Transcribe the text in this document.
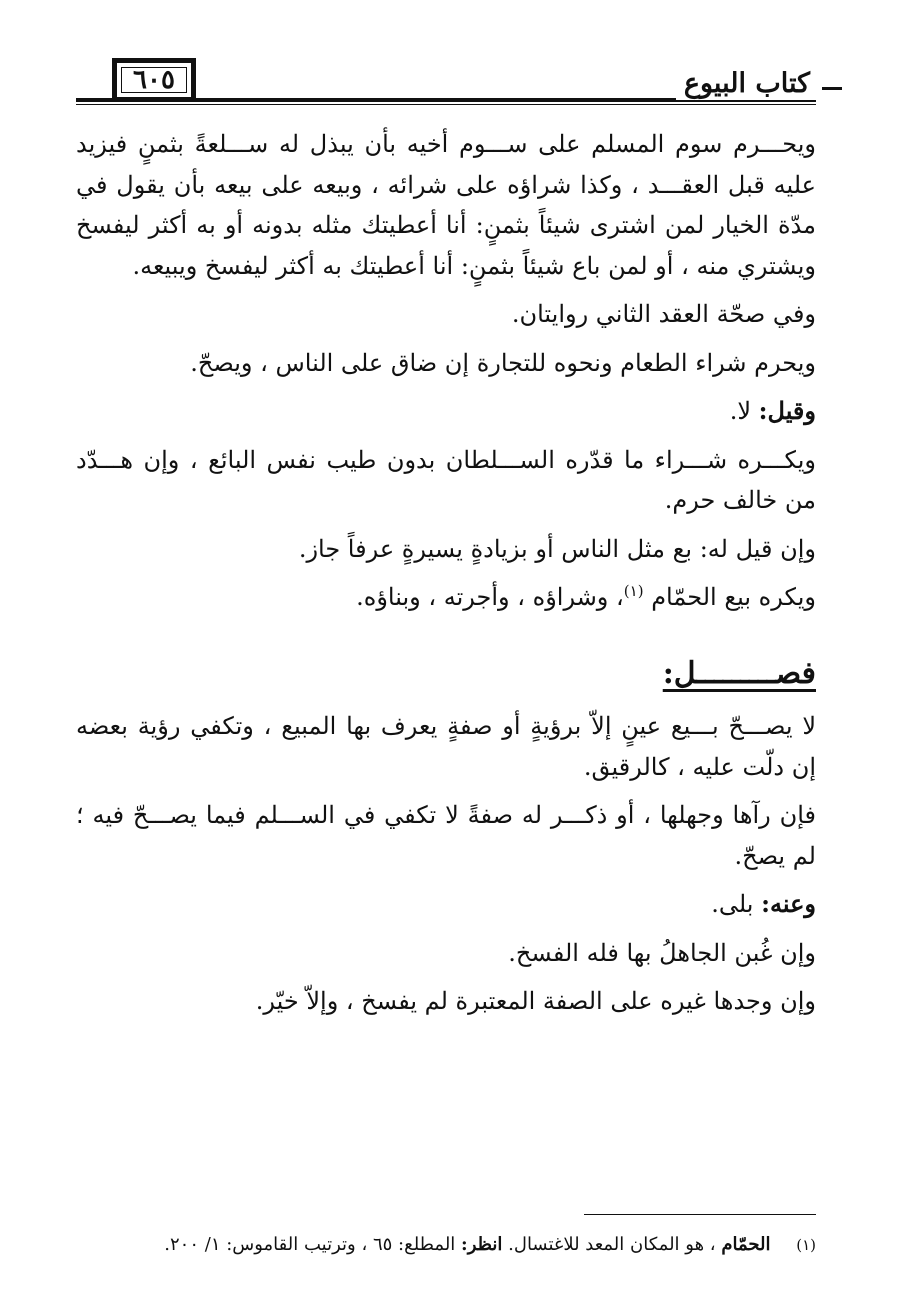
٦٠٥	كتاب البيوع

ويحـــرم سوم المسلم على ســـوم أخيه بأن يبذل له ســـلعةً بثمنٍ فيزيد عليه قبل العقـــد ، وكذا شراؤه على شرائه ، وبيعه على بيعه بأن يقول في مدّة الخيار لمن اشترى شيئاً بثمنٍ: أنا أعطيتك مثله بدونه أو به أكثر ليفسخ ويشتري منه ، أو لمن باع شيئاً بثمنٍ: أنا أعطيتك به أكثر ليفسخ ويبيعه.

وفي صحّة العقد الثاني روايتان.

ويحرم شراء الطعام ونحوه للتجارة إن ضاق على الناس ، ويصحّ.

وقيل: لا.

ويكـــره شـــراء ما قدّره الســـلطان بدون طيب نفس البائع ، وإن هـــدّد من خالف حرم.

وإن قيل له: بع مثل الناس أو بزيادةٍ يسيرةٍ عرفاً جاز.

ويكره بيع الحمّام $^{(١)}$، وشراؤه ، وأجرته ، وبناؤه.

فصـــــــــل:

لا يصـــحّ بـــيع عينٍ إلاّ برؤيةٍ أو صفةٍ يعرف بها المبيع ، وتكفي رؤية بعضه إن دلّت عليه ، كالرقيق.

فإن رآها وجهلها ، أو ذكـــر له صفةً لا تكفي في الســـلم فيما يصـــحّ فيه ؛ لم يصحّ.

وعنه: بلى.

وإن غُبن الجاهلُ بها فله الفسخ.

وإن وجدها غيره على الصفة المعتبرة لم يفسخ ، وإلاّ خيّر.

(١) الحمّام ، هو المكان المعد للاغتسال. انظر: المطلع: ٦٥ ، وترتيب القاموس: ١/ ٢٠٠.
